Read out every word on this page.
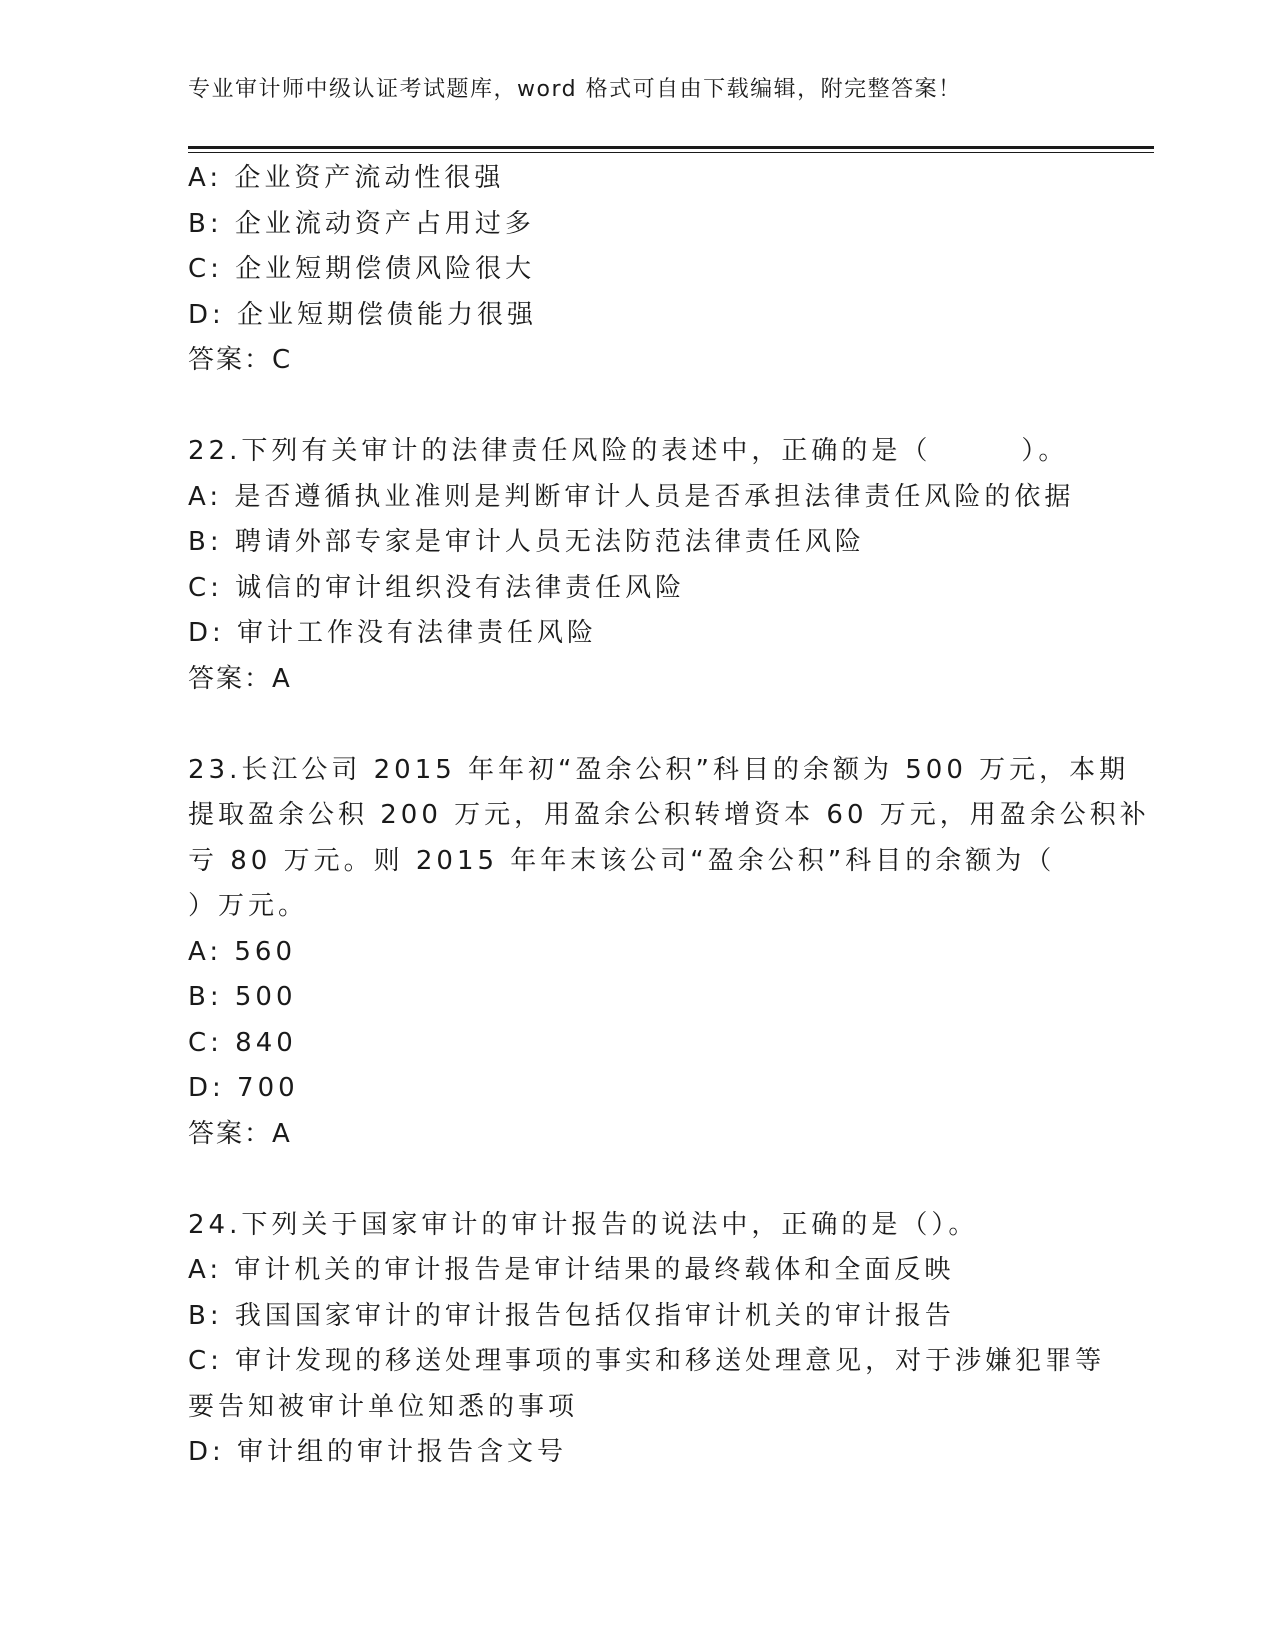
专业审计师中级认证考试题库，word 格式可自由下载编辑，附完整答案！
A: 企业资产流动性很强
B: 企业流动资产占用过多
C: 企业短期偿债风险很大
D: 企业短期偿债能力很强
答案：C
22.下列有关审计的法律责任风险的表述中，正确的是（　　　）。
A: 是否遵循执业准则是判断审计人员是否承担法律责任风险的依据
B: 聘请外部专家是审计人员无法防范法律责任风险
C: 诚信的审计组织没有法律责任风险
D: 审计工作没有法律责任风险
答案：A
23.长江公司 2015 年年初“盈余公积”科目的余额为 500 万元，本期
提取盈余公积 200 万元，用盈余公积转增资本 60 万元，用盈余公积补
亏 80 万元。则 2015 年年末该公司“盈余公积”科目的余额为（
）万元。
A: 560
B: 500
C: 840
D: 700
答案：A
24.下列关于国家审计的审计报告的说法中，正确的是（）。
A: 审计机关的审计报告是审计结果的最终载体和全面反映
B: 我国国家审计的审计报告包括仅指审计机关的审计报告
C: 审计发现的移送处理事项的事实和移送处理意见，对于涉嫌犯罪等
要告知被审计单位知悉的事项
D: 审计组的审计报告含文号
